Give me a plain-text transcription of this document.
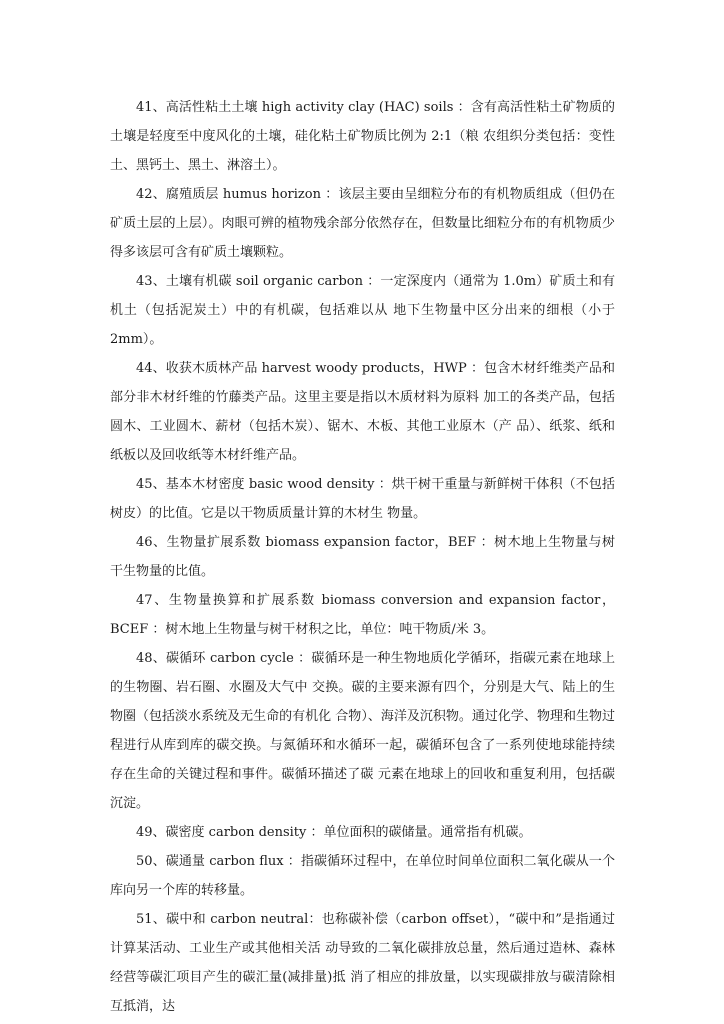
41、高活性粘土土壤 high activity clay (HAC) soils ：含有高活性粘土矿物质的土壤是轻度至中度风化的土壤，硅化粘土矿物质比例为 2:1（粮 农组织分类包括：变性土、黑钙土、黑土、淋溶土）。

42、腐殖质层 humus horizon ：该层主要由呈细粒分布的有机物质组成（但仍在矿质土层的上层）。肉眼可辨的植物残余部分依然存在，但数量比细粒分布的有机物质少得多该层可含有矿质土壤颗粒。

43、土壤有机碳 soil organic carbon ：一定深度内（通常为 1.0m）矿质土和有机土（包括泥炭土）中的有机碳，包括难以从 地下生物量中区分出来的细根（小于 2mm）。

44、收获木质林产品 harvest woody products，HWP ：包含木材纤维类产品和部分非木材纤维的竹藤类产品。这里主要是指以木质材料为原料 加工的各类产品，包括圆木、工业圆木、薪材（包括木炭）、锯木、木板、其他工业原木（产 品）、纸浆、纸和纸板以及回收纸等木材纤维产品。

45、基本木材密度 basic wood density ：烘干树干重量与新鲜树干体积（不包括树皮）的比值。它是以干物质质量计算的木材生 物量。

46、生物量扩展系数 biomass expansion factor，BEF ：树木地上生物量与树干生物量的比值。

47、生物量换算和扩展系数 biomass conversion and expansion factor，BCEF ：树木地上生物量与树干材积之比，单位：吨干物质/米 3。

48、碳循环 carbon cycle ：碳循环是一种生物地质化学循环，指碳元素在地球上的生物圈、岩石圈、水圈及大气中 交换。碳的主要来源有四个，分别是大气、陆上的生物圈（包括淡水系统及无生命的有机化 合物）、海洋及沉积物。通过化学、物理和生物过程进行从库到库的碳交换。与氮循环和水循环一起，碳循环包含了一系列使地球能持续存在生命的关键过程和事件。碳循环描述了碳 元素在地球上的回收和重复利用，包括碳沉淀。

49、碳密度 carbon density ：单位面积的碳储量。通常指有机碳。

50、碳通量 carbon flux ：指碳循环过程中，在单位时间单位面积二氧化碳从一个库向另一个库的转移量。

51、碳中和 carbon neutral：也称碳补偿（carbon offset），“碳中和”是指通过计算某活动、工业生产或其他相关活 动导致的二氧化碳排放总量，然后通过造林、森林经营等碳汇项目产生的碳汇量(减排量)抵 消了相应的排放量，以实现碳排放与碳清除相互抵消，达
